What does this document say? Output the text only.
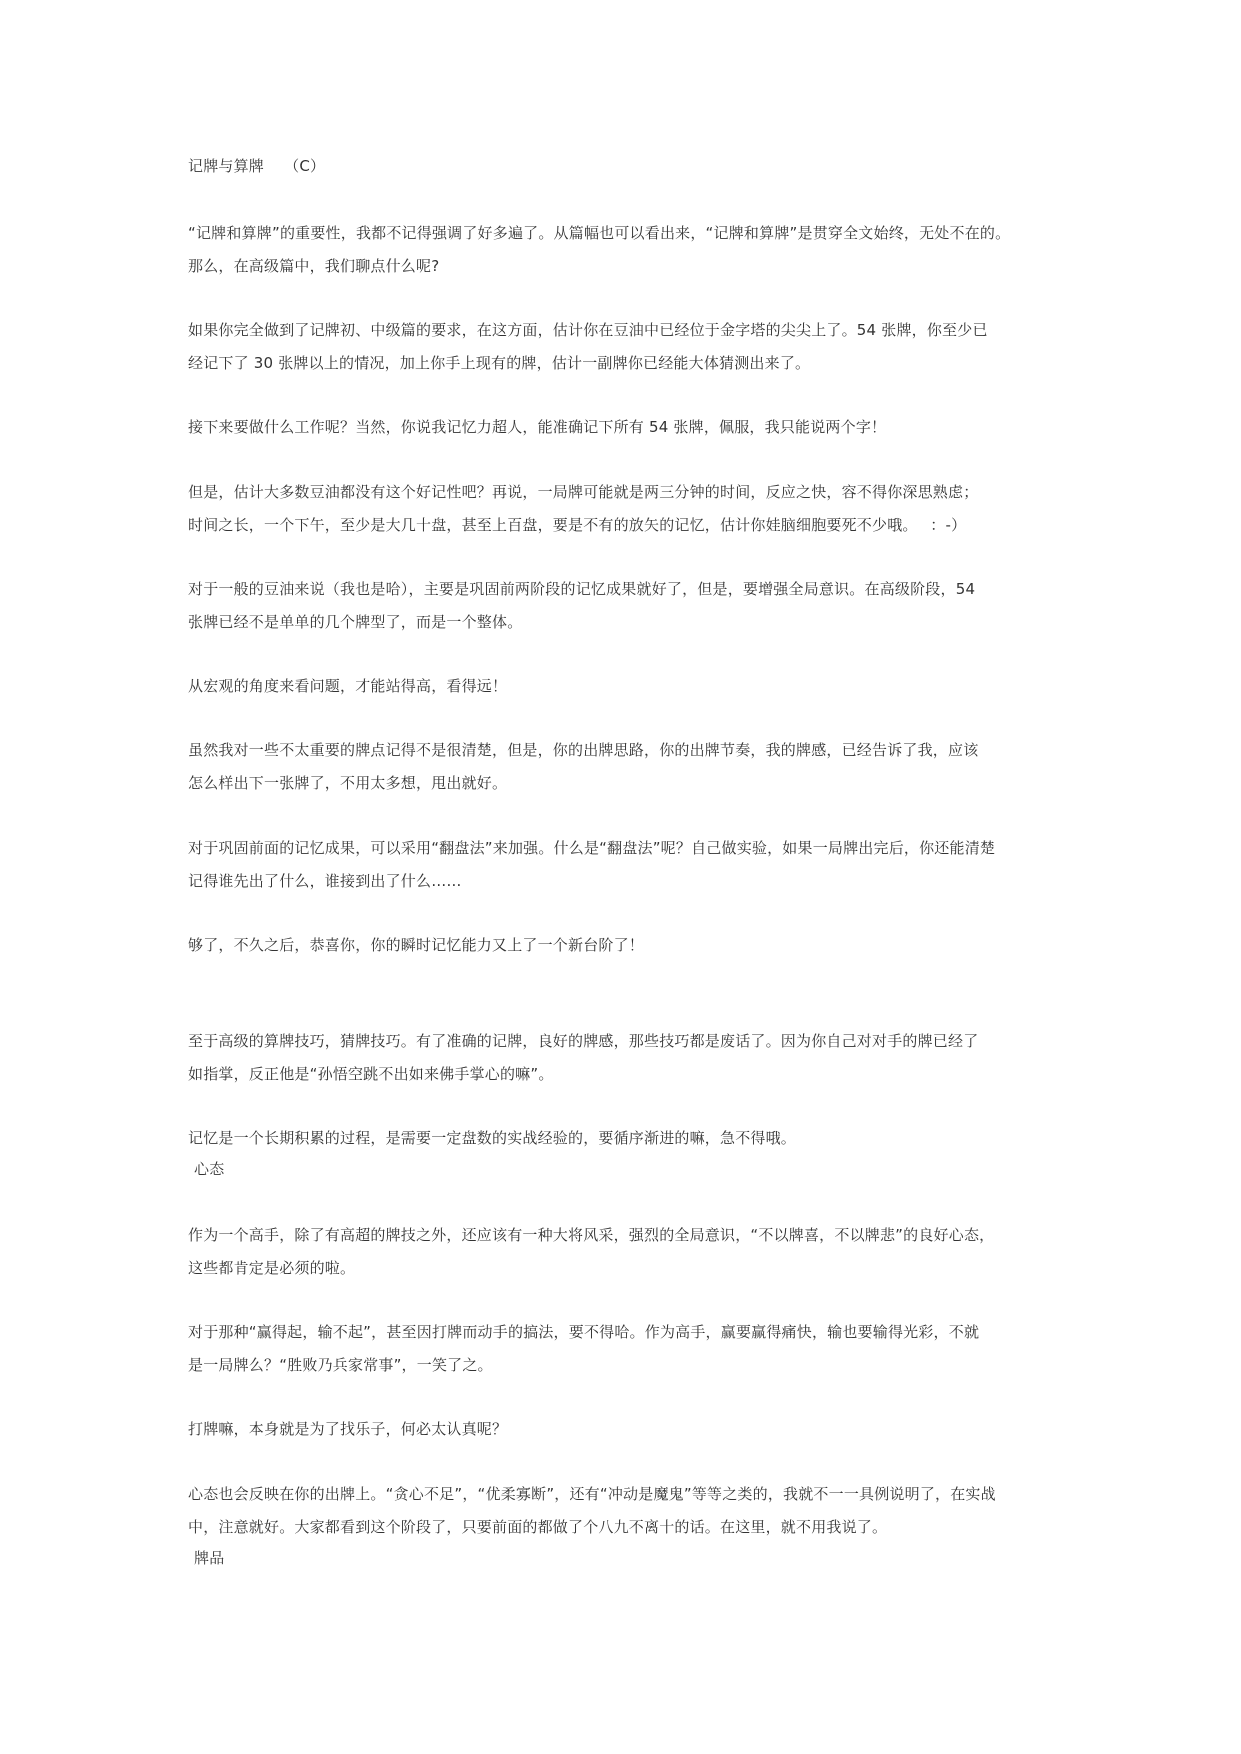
记牌与算牌　 （C）
“记牌和算牌”的重要性，我都不记得强调了好多遍了。从篇幅也可以看出来，“记牌和算牌”是贯穿全文始终，无处不在的。
那么，在高级篇中，我们聊点什么呢?
如果你完全做到了记牌初、中级篇的要求，在这方面，估计你在豆油中已经位于金字塔的尖尖上了。54 张牌，你至少已
经记下了 30 张牌以上的情况，加上你手上现有的牌，估计一副牌你已经能大体猜测出来了。
接下来要做什么工作呢？当然，你说我记忆力超人，能准确记下所有 54 张牌，佩服，我只能说两个字！
但是，估计大多数豆油都没有这个好记性吧？再说，一局牌可能就是两三分钟的时间，反应之快，容不得你深思熟虑；
时间之长，一个下午，至少是大几十盘，甚至上百盘，要是不有的放矢的记忆，估计你娃脑细胞要死不少哦。　 ：-）
对于一般的豆油来说（我也是哈），主要是巩固前两阶段的记忆成果就好了，但是，要增强全局意识。在高级阶段，54
张牌已经不是单单的几个牌型了，而是一个整体。
从宏观的角度来看问题，才能站得高，看得远！
虽然我对一些不太重要的牌点记得不是很清楚，但是，你的出牌思路，你的出牌节奏，我的牌感，已经告诉了我，应该
怎么样出下一张牌了，不用太多想，甩出就好。
对于巩固前面的记忆成果，可以采用“翻盘法”来加强。什么是“翻盘法”呢？自己做实验，如果一局牌出完后，你还能清楚
记得谁先出了什么，谁接到出了什么……
够了，不久之后，恭喜你，你的瞬时记忆能力又上了一个新台阶了！
至于高级的算牌技巧，猜牌技巧。有了准确的记牌，良好的牌感，那些技巧都是废话了。因为你自己对对手的牌已经了
如指掌，反正他是“孙悟空跳不出如来佛手掌心的嘛”。
记忆是一个长期积累的过程，是需要一定盘数的实战经验的，要循序渐进的嘛，急不得哦。
心态
作为一个高手，除了有高超的牌技之外，还应该有一种大将风采，强烈的全局意识，“不以牌喜，不以牌悲”的良好心态，
这些都肯定是必须的啦。
对于那种“赢得起，输不起”，甚至因打牌而动手的搞法，要不得哈。作为高手，赢要赢得痛快，输也要输得光彩，不就
是一局牌么？“胜败乃兵家常事”，一笑了之。
打牌嘛，本身就是为了找乐子，何必太认真呢？
心态也会反映在你的出牌上。“贪心不足”，“优柔寡断”，还有“冲动是魔鬼”等等之类的，我就不一一具例说明了，在实战
中，注意就好。大家都看到这个阶段了，只要前面的都做了个八九不离十的话。在这里，就不用我说了。
牌品
